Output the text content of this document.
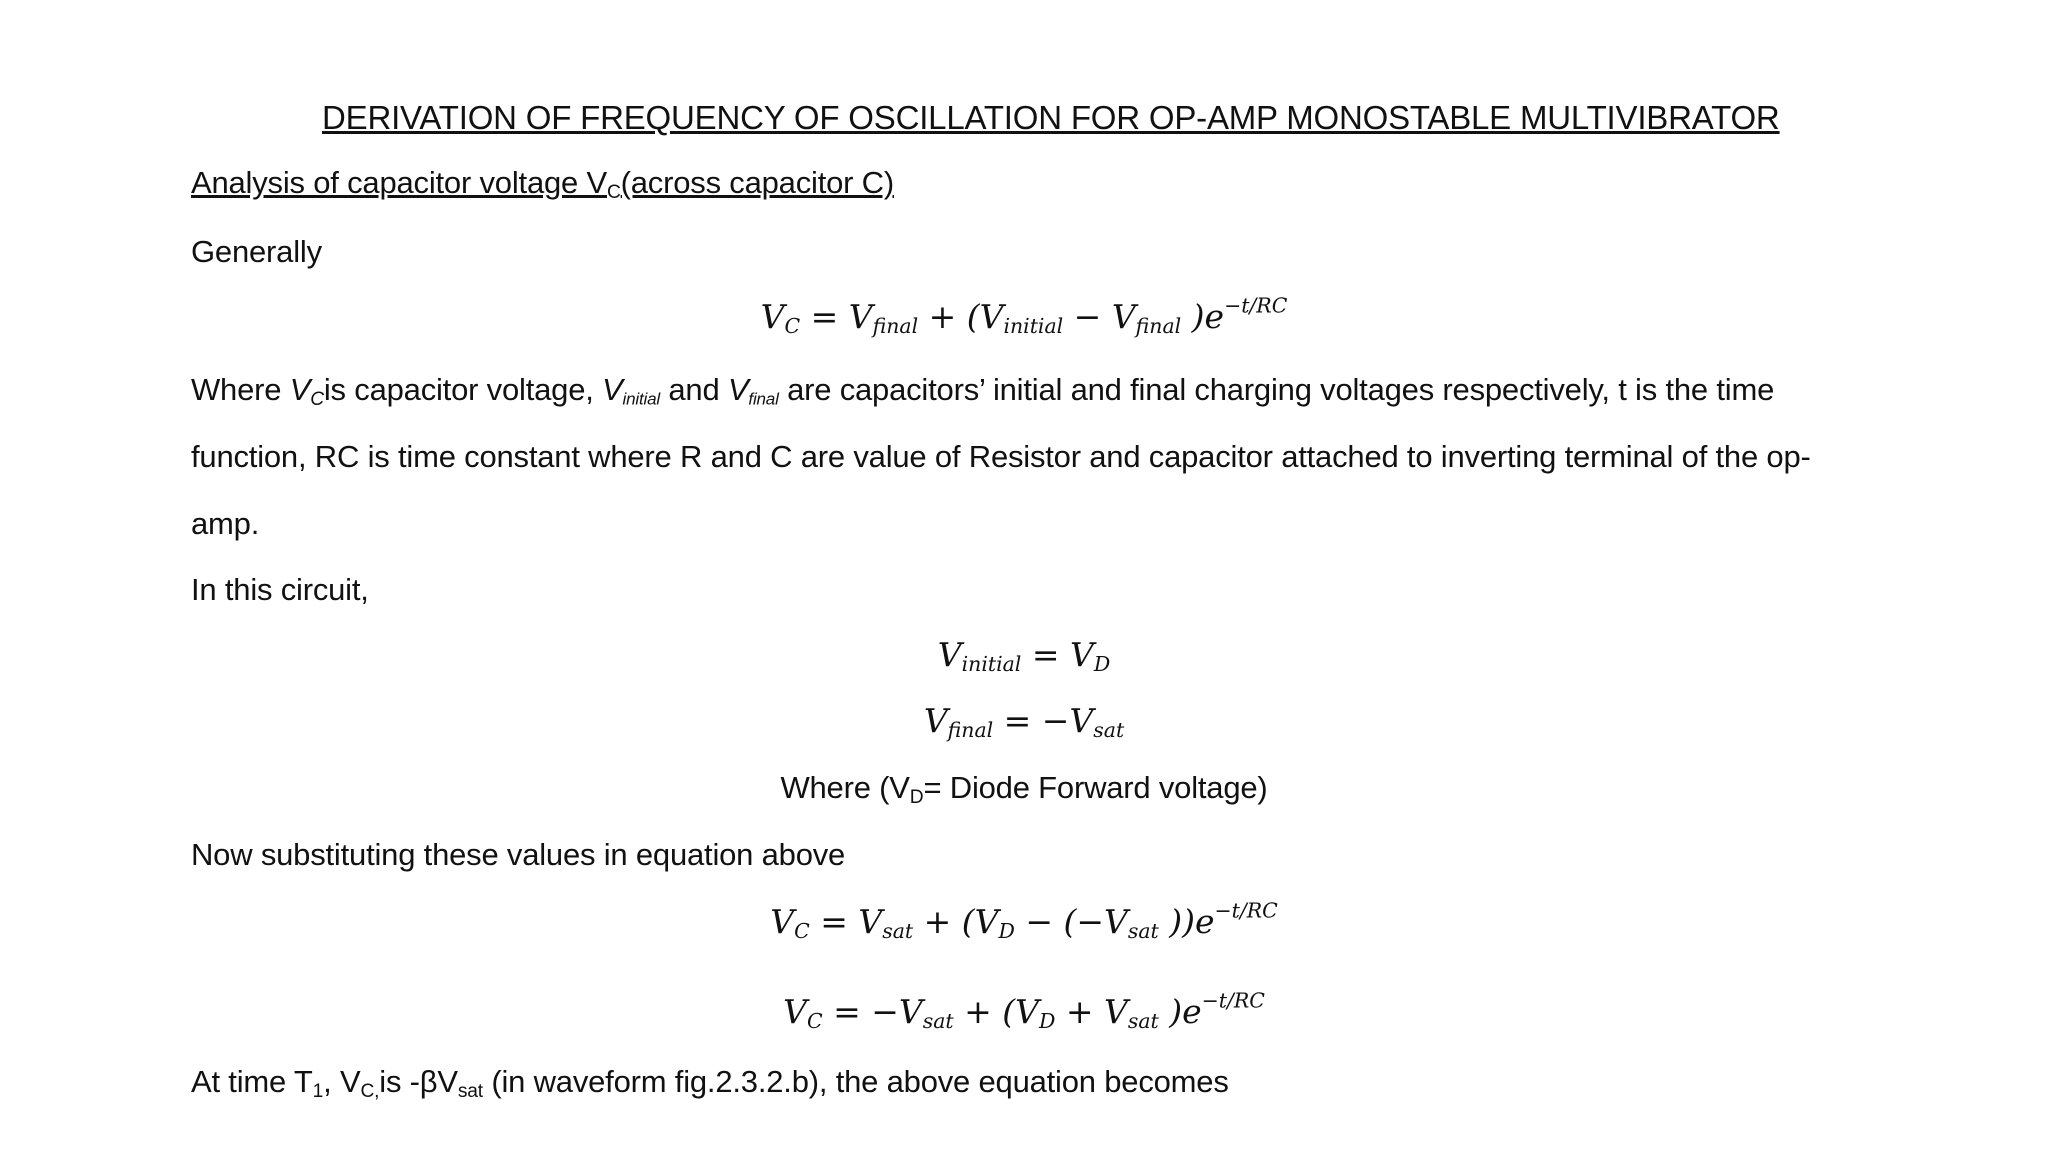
DERIVATION OF FREQUENCY OF OSCILLATION FOR OP-AMP MONOSTABLE MULTIVIBRATOR
Analysis of capacitor voltage $V_C(across$ capacitor C)
Generally
$V_C = V_{final} + (V_{initial} - V_{final}$ )$e^{-t/RC}$
Where $V_Cis$ capacitor voltage, $V_{initial}$ and $V_{final}$ are capacitors’ initial and final charging voltages respectively, t is the time
function, RC is time constant where R and C are value of Resistor and capacitor attached to inverting terminal of the op-
amp.
In this circuit,
$V_{initial} = V_D$
$V_{final} = -V_{sat}$
Where ($V_D=$ Diode Forward voltage)
Now substituting these values in equation above
$V_C = V_{sat} + (V_D - (-V_{sat}$ ))$e^{-t/RC}$
$V_C = -V_{sat} + (V_D + V_{sat}$ )$e^{-t/RC}$
At time $T_1$, $V_{C,}is$ $-\beta V_{sat}$ (in waveform fig.2.3.2.b), the above equation becomes
